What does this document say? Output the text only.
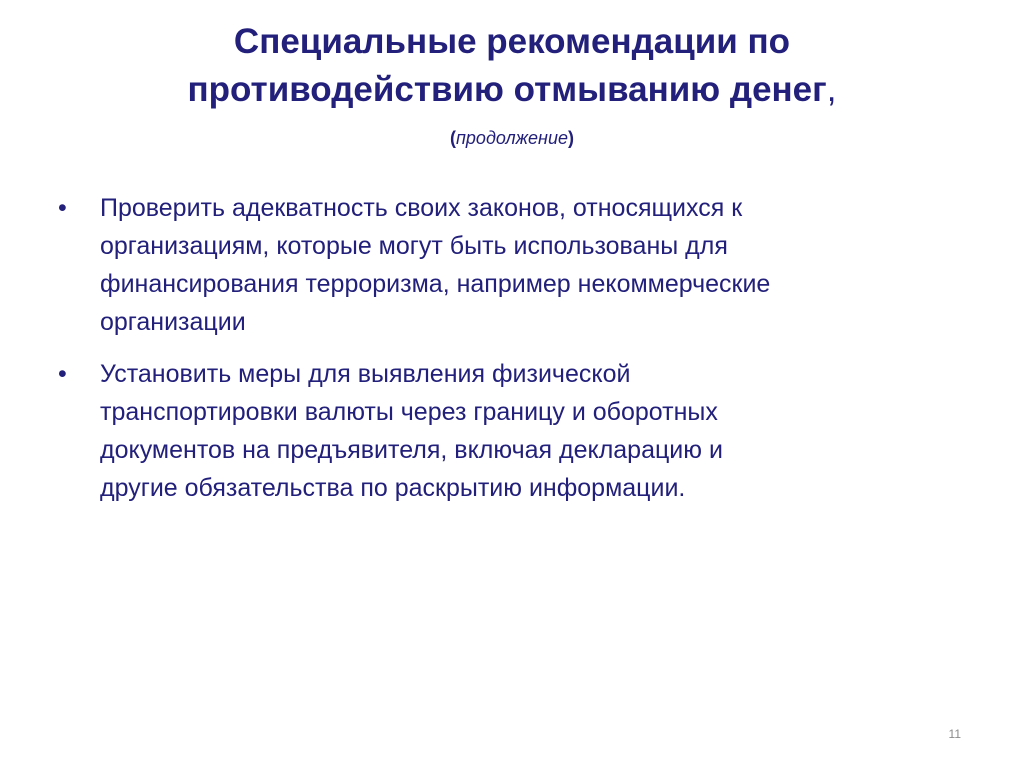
Специальные рекомендации по
противодействию отмыванию денег,
(продолжение)
•	Проверить адекватность своих законов, относящихся к
организациям, которые могут быть использованы для
финансирования терроризма, например некоммерческие
организации
•	Установить меры для выявления физической
транспортировки валюты через границу и оборотных
документов на предъявителя, включая декларацию и
другие обязательства по раскрытию информации.
11
